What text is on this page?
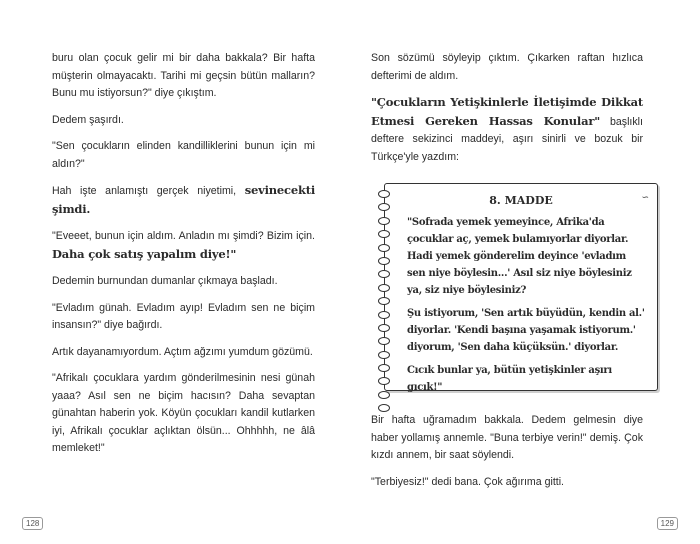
buru olan çocuk gelir mi bir daha bakkala? Bir hafta müşterin olmayacaktı. Tarihi mi geçsin bütün malların? Bunu mu istiyorsun?" diye çıkıştım.

Dedem şaşırdı.

"Sen çocukların elinden kandilliklerini bunun için mi aldın?"

Hah işte anlamıştı gerçek niyetimi, sevinecekti şimdi.

"Eveeet, bunun için aldım. Anladın mı şimdi? Bizim için. Daha çok satış yapalım diye!"

Dedemin burnundan dumanlar çıkmaya başladı.

"Evladım günah. Evladım ayıp! Evladım sen ne biçim insansın?" diye bağırdı.

Artık dayanamıyordum. Açtım ağzımı yumdum gözümü.

"Afrikalı çocuklara yardım gönderilmesinin nesi günah yaaa? Asıl sen ne biçim hacısın? Daha sevaptan günahtan haberin yok. Köyün çocukları kandil kutlarken iyi, Afrikalı çocuklar açlıktan ölsün... Ohhhhh, ne âlâ memleket!"

128	129

Son sözümü söyleyip çıktım. Çıkarken raftan hızlıca defterimi de aldım.

"Çocukların Yetişkinlerle İletişimde Dikkat Etmesi Gereken Hassas Konular" başlıklı deftere sekizinci maddeyi, aşırı sinirli ve bozuk bir Türkçe'yle yazdım:

∽
8. MADDE

"Sofrada yemek yemeyince, Afrika'da çocuklar aç, yemek bulamıyorlar diyorlar. Hadi yemek gönderelim deyince 'evladım sen niye böylesin...' Asıl siz niye böylesiniz ya, siz niye böylesiniz?

Şu istiyorum, 'Sen artık büyüdün, kendin al.' diyorlar. 'Kendi başına yaşamak istiyorum.' diyorum, 'Sen daha küçüksün.' diyorlar.

Cıcık bunlar ya, bütün yetişkinler aşırı gıcık!"

Bir hafta uğramadım bakkala. Dedem gelmesin diye haber yollamış annemle. "Buna terbiye verin!" demiş. Çok kızdı annem, bir saat söylendi.

"Terbiyesiz!" dedi bana. Çok ağırıma gitti.
